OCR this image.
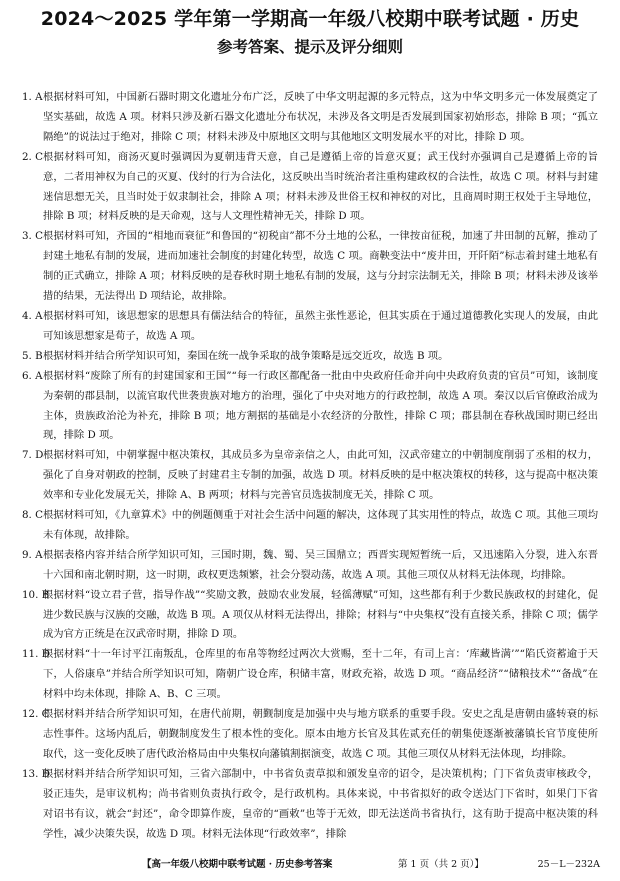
2024～2025 学年第一学期高一年级八校期中联考试题 · 历史
参考答案、提示及评分细则
1. A 根据材料可知，中国新石器时期文化遗址分布广泛，反映了中华文明起源的多元特点，这为中华文明多元一体发展奠定了坚实基础，故选 A 项。材料只涉及新石器文化遗址分布状况，未涉及各文明是否发展到国家初始形态，排除 B 项；“孤立隔绝”的说法过于绝对，排除 C 项；材料未涉及中原地区文明与其他地区文明发展水平的对比，排除 D 项。
2. C 根据材料可知，商汤灭夏时强调因为夏朝违背天意，自己是遵循上帝的旨意灭夏；武王伐纣亦强调自己是遵循上帝的旨意，二者用神权为自己的灭夏、伐纣的行为合法化，这反映出当时统治者注重构建政权的合法性，故选 C 项。材料与封建迷信思想无关，且当时处于奴隶制社会，排除 A 项；材料未涉及世俗王权和神权的对比，且商周时期王权处于主导地位，排除 B 项；材料反映的是天命观，这与人文理性精神无关，排除 D 项。
3. C 根据材料可知，齐国的“相地而衰征”和鲁国的“初税亩”都不分土地的公私，一律按亩征税，加速了井田制的瓦解，推动了封建土地私有制的发展，进而加速社会制度的封建化转型，故选 C 项。商鞅变法中“废井田，开阡陌”标志着封建土地私有制的正式确立，排除 A 项；材料反映的是春秋时期土地私有制的发展，这与分封宗法制无关，排除 B 项；材料未涉及该举措的结果，无法得出 D 项结论，故排除。
4. A 根据材料可知，该思想家的思想具有儒法结合的特征，虽然主张性恶论，但其实质在于通过道德教化实现人的发展，由此可知该思想家是荀子，故选 A 项。
5. B 根据材料并结合所学知识可知，秦国在统一战争采取的战争策略是远交近攻，故选 B 项。
6. A 根据材料“废除了所有的封建国家和王国”“每一行政区都配备一批由中央政府任命并向中央政府负责的官员”可知，该制度为秦朝的郡县制，以流官取代世袭贵族对地方的治理，强化了中央对地方的行政控制，故选 A 项。秦汉以后官僚政治成为主体，贵族政治沦为补充，排除 B 项；地方割据的基础是小农经济的分散性，排除 C 项；郡县制在春秋战国时期已经出现，排除 D 项。
7. D 根据材料可知，中朝掌握中枢决策权，其成员多为皇帝亲信之人，由此可知，汉武帝建立的中朝制度削弱了丞相的权力，强化了自身对朝政的控制，反映了封建君主专制的加强，故选 D 项。材料反映的是中枢决策权的转移，这与提高中枢决策效率和专业化发展无关，排除 A、B 两项；材料与完善官员选拔制度无关，排除 C 项。
8. C 根据材料可知，《九章算术》中的例题侧重于对社会生活中问题的解决，这体现了其实用性的特点，故选 C 项。其他三项均未有体现，故排除。
9. A 根据表格内容并结合所学知识可知，三国时期，魏、蜀、吴三国鼎立；西晋实现短暂统一后，又迅速陷入分裂，进入东晋十六国和南北朝时期，这一时期，政权更迭频繁，社会分裂动荡，故选 A 项。其他三项仅从材料无法体现，均排除。
10. B
根据材料“设立君子营，指导作战”“奖励文教，鼓励农业发展，轻徭薄赋”可知，这些都有利于少数民族政权的封建化，促进少数民族与汉族的交融，故选 B 项。A 项仅从材料无法得出，排除；材料与“中央集权”没有直接关系，排除 C 项；儒学成为官方正统是在汉武帝时期，排除 D 项。
11. D
根据材料“十一年讨平江南叛乱，仓库里的布帛等物经过两次大赏赐，至十二年，有司上言：‘库藏皆满’”“陷氏资蓄逾于天下，人俗康阜”并结合所学知识可知，隋朝广设仓库，积储丰富，财政充裕，故选 D 项。“商品经济”“储粮技术”“备战”在材料中均未体现，排除 A、B、C 三项。
12. C
根据材料并结合所学知识可知，在唐代前期，朝觐制度是加强中央与地方联系的重要手段。安史之乱是唐朝由盛转衰的标志性事件。这场内乱后，朝觐制度发生了根本性的变化。原本由地方长官及其佐贰充任的朝集使逐渐被藩镇长官节度使所取代，这一变化反映了唐代政治格局由中央集权向藩镇割据演变，故选 C 项。其他三项仅从材料无法体现，均排除。
13. D
根据材料并结合所学知识可知，三省六部制中，中书省负责草拟和颁发皇帝的诏令，是决策机构；门下省负责审核政令，驳正违失，是审议机构；尚书省则负责执行政令，是行政机构。具体来说，中书省拟好的政令送达门下省时，如果门下省对诏书有议，就会“封还”，命令即算作废，皇帝的“画敕”也等于无效，即无法送尚书省执行，这有助于提高中枢决策的科学性，减少决策失误，故选 D 项。材料无法体现“行政效率”，排除
【高一年级八校期中联考试题 · 历史参考答案	第 1 页（共 2 页）】	25－L－232A
